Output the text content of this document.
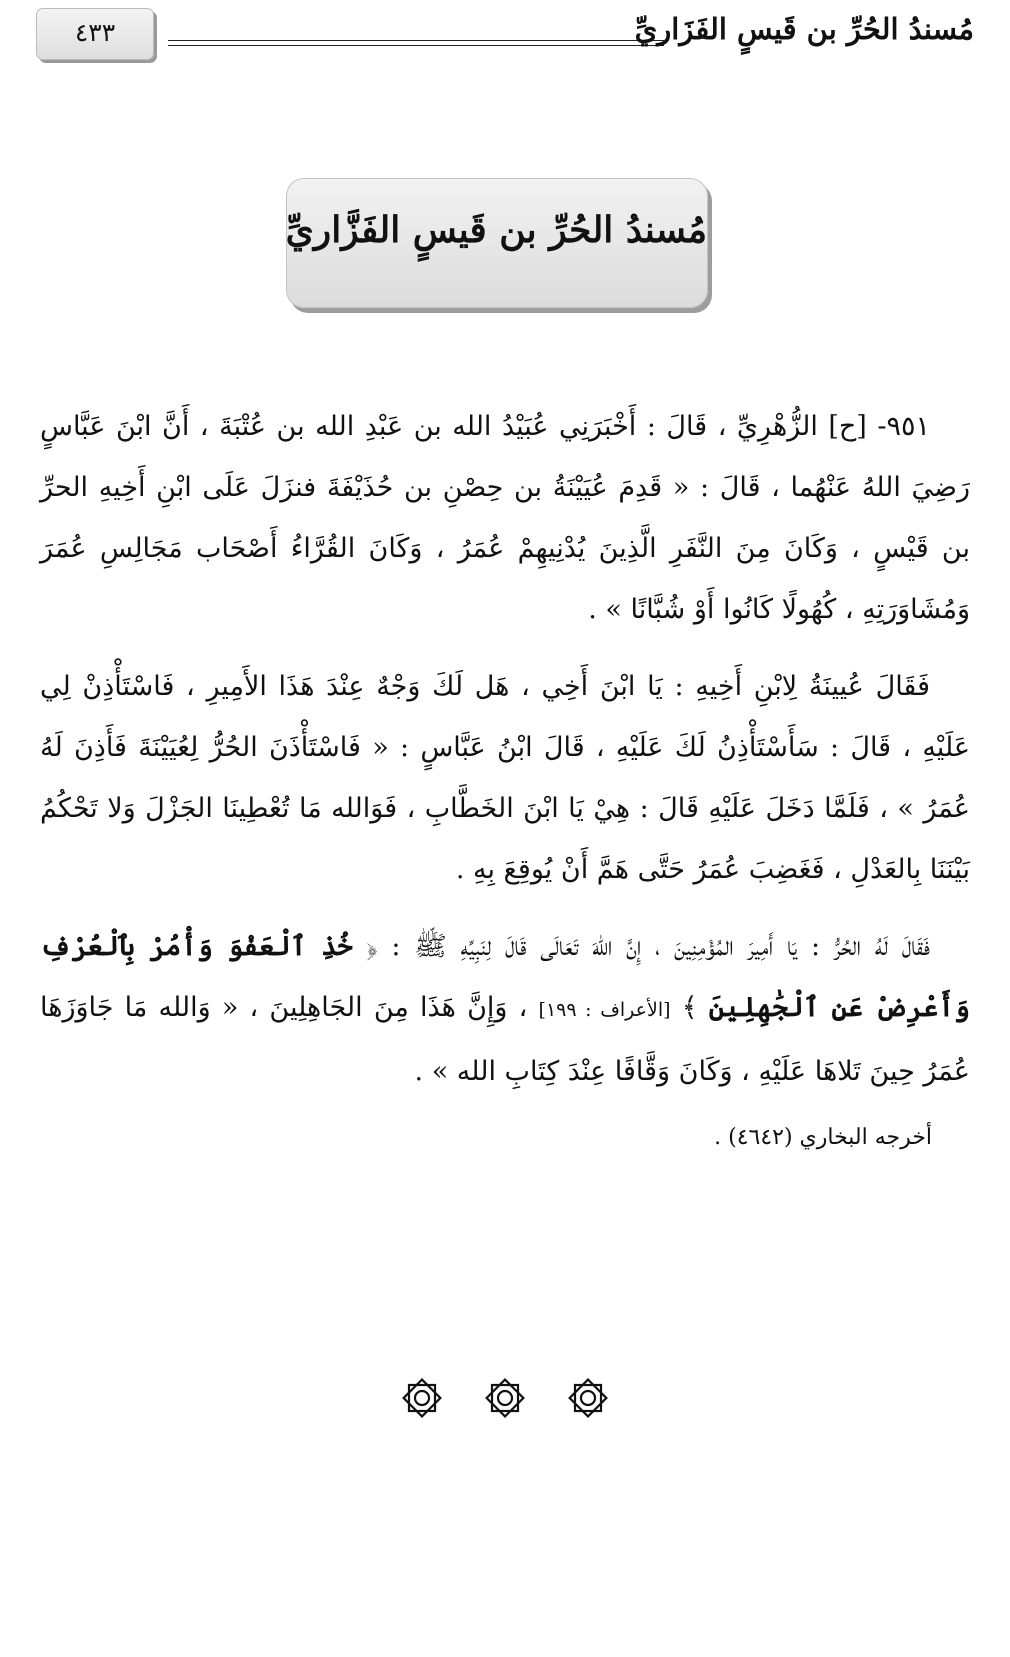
٤٣٣	مُسندُ الحُرِّ بن قَيسٍ الفَزَاريِّ
مُسندُ الحُرِّ بن قَيسٍ الفَزَّاريِّ

٩٥١- [ح] الزُّهْرِيِّ ، قَالَ : أَخْبَرَنِي عُبَيْدُ الله بن عَبْدِ الله بن عُتْبَةَ ، أَنَّ ابْنَ عَبَّاسٍ رَضِيَ اللهُ عَنْهُما ، قَالَ : « قَدِمَ عُيَيْنَةُ بن حِصْنِ بن حُذَيْفَةَ فنزَلَ عَلَى ابْنِ أَخِيهِ الحرِّ بن قَيْسٍ ، وَكَانَ مِنَ النَّفَرِ الَّذِينَ يُدْنِيهِمْ عُمَرُ ، وَكَانَ القُرَّاءُ أَصْحَاب مَجَالِسِ عُمَرَ وَمُشَاوَرَتِهِ ، كُهُولًا كَانُوا أَوْ شُبَّانًا » .

فَقَالَ عُيينَةُ لِابْنِ أَخِيهِ : يَا ابْنَ أَخِي ، هَل لَكَ وَجْهٌ عِنْدَ هَذَا الأَمِيرِ ، فَاسْتَأْذِنْ لِي عَلَيْهِ ، قَالَ : سَأَسْتَأْذِنُ لَكَ عَلَيْهِ ، قَالَ ابْنُ عَبَّاسٍ : « فَاسْتَأْذَنَ الحُرُّ لِعُيَيْنَةَ فَأَذِنَ لَهُ عُمَرُ » ، فَلَمَّا دَخَلَ عَلَيْهِ قَالَ : هِيْ يَا ابْنَ الخَطَّابِ ، فَوَالله مَا تُعْطِينَا الجَزْلَ وَلا تَحْكُمُ بَيْنَنَا بِالعَدْلِ ، فَغَضِبَ عُمَرُ حَتَّى هَمَّ أَنْ يُوقِعَ بِهِ .

فَقَالَ لَهُ الحُرُّ : يَا أَمِيرَ المُؤْمِنِينَ ، إِنَّ اللهَ تَعَالَى قَالَ لِنَبِيِّهِ ﷺ : ﴿ خُذِ ٱلْعَفْوَ وَأْمُرْ بِٱلْعُرْفِ وَأَعْرِضْ عَنِ ٱلْجَٰهِلِينَ ﴾ [الأعراف : ١٩٩] ، وَإِنَّ هَذَا مِنَ الجَاهِلِينَ ، « وَالله مَا جَاوَزَهَا عُمَرُ حِينَ تَلاهَا عَلَيْهِ ، وَكَانَ وَقَّافًا عِنْدَ كِتَابِ الله » .

أخرجه البخاري (٤٦٤٢) .
